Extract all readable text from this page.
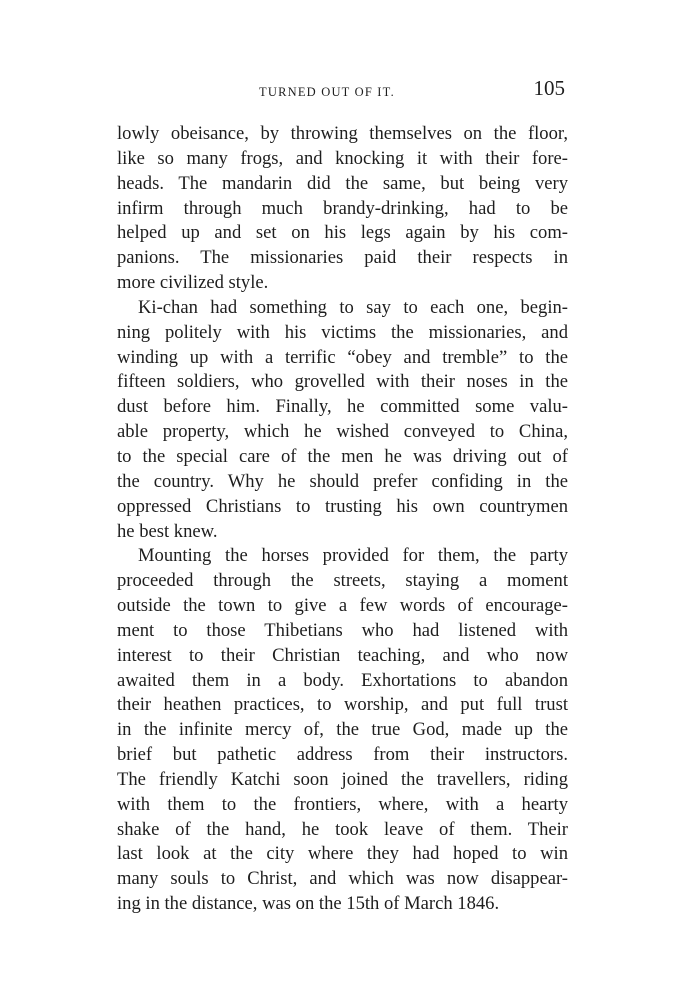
TURNED OUT OF IT.	105
lowly obeisance, by throwing themselves on the floor,
like so many frogs, and knocking it with their fore-
heads. The mandarin did the same, but being very
infirm through much brandy-drinking, had to be
helped up and set on his legs again by his com-
panions. The missionaries paid their respects in
more civilized style.
Ki-chan had something to say to each one, begin-
ning politely with his victims the missionaries, and
winding up with a terrific “obey and tremble” to the
fifteen soldiers, who grovelled with their noses in the
dust before him. Finally, he committed some valu-
able property, which he wished conveyed to China,
to the special care of the men he was driving out of
the country. Why he should prefer confiding in the
oppressed Christians to trusting his own countrymen
he best knew.
Mounting the horses provided for them, the party
proceeded through the streets, staying a moment
outside the town to give a few words of encourage-
ment to those Thibetians who had listened with
interest to their Christian teaching, and who now
awaited them in a body. Exhortations to abandon
their heathen practices, to worship, and put full trust
in the infinite mercy of, the true God, made up the
brief but pathetic address from their instructors.
The friendly Katchi soon joined the travellers, riding
with them to the frontiers, where, with a hearty
shake of the hand, he took leave of them. Their
last look at the city where they had hoped to win
many souls to Christ, and which was now disappear-
ing in the distance, was on the 15th of March 1846.
